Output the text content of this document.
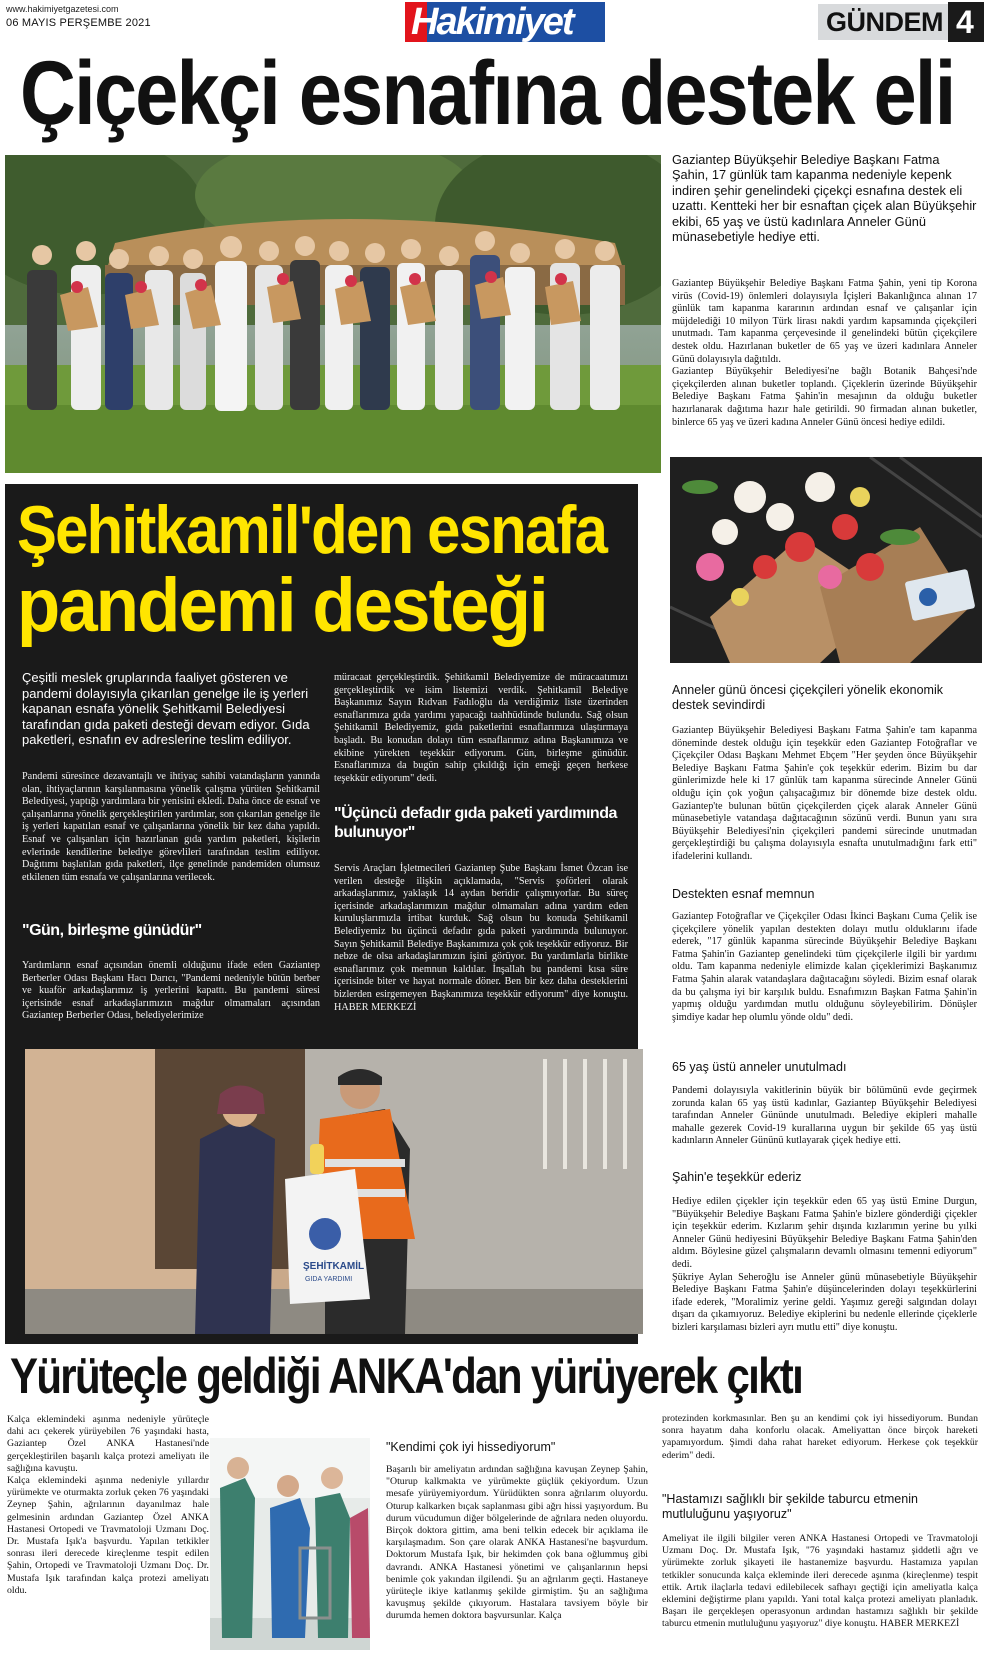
www.hakimiyetgazetesi.com
06 MAYIS PERŞEMBE 2021	Hakimiyet	GÜNDEM 4
Çiçekçi esnafına destek eli
Gaziantep Büyükşehir Belediye Başkanı Fatma Şahin, 17 günlük tam kapanma nedeniyle kepenk indiren şehir genelindeki çiçekçi esnafına destek eli uzattı. Kentteki her bir esnaftan çiçek alan Büyükşehir ekibi, 65 yaş ve üstü kadınlara Anneler Günü münasebetiyle hediye etti.
Gaziantep Büyükşehir Belediye Başkanı Fatma Şahin, yeni tip Korona virüs (Covid-19) önlemleri dolayısıyla İçişleri Bakanlığınca alınan 17 günlük tam kapanma kararının ardından esnaf ve çalışanlar için müjdelediği 10 milyon Türk lirası nakdi yardım kapsamında çiçekçileri unutmadı. Tam kapanma çerçevesinde il genelindeki bütün çiçekçilere destek oldu. Hazırlanan buketler de 65 yaş ve üzeri kadınlara Anneler Günü dolayısıyla dağıtıldı.
Gaziantep Büyükşehir Belediyesi'ne bağlı Botanik Bahçesi'nde çiçekçilerden alınan buketler toplandı. Çiçeklerin üzerinde Büyükşehir Belediye Başkanı Fatma Şahin'in mesajının da olduğu buketler hazırlanarak dağıtıma hazır hale getirildi. 90 firmadan alınan buketler, binlerce 65 yaş ve üzeri kadına Anneler Günü öncesi hediye edildi.
Anneler günü öncesi çiçekçileri yönelik ekonomik destek sevindirdi
Gaziantep Büyükşehir Belediyesi Başkanı Fatma Şahin'e tam kapanma döneminde destek olduğu için teşekkür eden Gaziantep Fotoğraflar ve Çiçekçiler Odası Başkanı Mehmet Ebçem "Her şeyden önce Büyükşehir Belediye Başkanı Fatma Şahin'e çok teşekkür ederim. Bizim bu dar günlerimizde hele ki 17 günlük tam kapanma sürecinde Anneler Günü olduğu için çok yoğun çalışacağımız bir dönemde bize destek oldu. Gaziantep'te bulunan bütün çiçekçilerden çiçek alarak Anneler Günü münasebetiyle vatandaşa dağıtacağının sözünü verdi. Bunun yanı sıra Büyükşehir Belediyesi'nin çiçekçileri pandemi sürecinde unutmadan gerçekleştirdiği bu çalışma dolayısıyla esnafta unutulmadığını fark etti" ifadelerini kullandı.
Destekten esnaf memnun
Gaziantep Fotoğraflar ve Çiçekçiler Odası İkinci Başkanı Cuma Çelik ise çiçekçilere yönelik yapılan destekten dolayı mutlu olduklarını ifade ederek, "17 günlük kapanma sürecinde Büyükşehir Belediye Başkanı Fatma Şahin'in Gaziantep genelindeki tüm çiçekçilerle ilgili bir yardımı oldu. Tam kapanma nedeniyle elimizde kalan çiçeklerimizi Başkanımız Fatma Şahin alarak vatandaşlara dağıtacağını söyledi. Bizim esnaf olarak da bu çalışma iyi bir karşılık buldu. Esnafımızın Başkan Fatma Şahin'in yapmış olduğu yardımdan mutlu olduğunu söyleyebilirim. Dönüşler şimdiye kadar hep olumlu yönde oldu" dedi.
65 yaş üstü anneler unutulmadı
Pandemi dolayısıyla vakitlerinin büyük bir bölümünü evde geçirmek zorunda kalan 65 yaş üstü kadınlar, Gaziantep Büyükşehir Belediyesi tarafından Anneler Gününde unutulmadı. Belediye ekipleri mahalle mahalle gezerek Covid-19 kurallarına uygun bir şekilde 65 yaş üstü kadınların Anneler Gününü kutlayarak çiçek hediye etti.
Şahin'e teşekkür ederiz
Hediye edilen çiçekler için teşekkür eden 65 yaş üstü Emine Durgun, "Büyükşehir Belediye Başkanı Fatma Şahin'e bizlere gönderdiği çiçekler için teşekkür ederim. Kızlarım şehir dışında kızlarımın yerine bu yılki Anneler Günü hediyesini Büyükşehir Belediye Başkanı Fatma Şahin'den aldım. Böylesine güzel çalışmaların devamlı olmasını temenni ediyorum" dedi.
Şükriye Aylan Seheroğlu ise Anneler günü münasebetiyle Büyükşehir Belediye Başkanı Fatma Şahin'e düşüncelerinden dolayı teşekkürlerini ifade ederek, "Moralimiz yerine geldi. Yaşımız gereği salgından dolayı dışarı da çıkamıyoruz. Belediye ekiplerini bu nedenle ellerinde çiçeklerle bizleri karşılaması bizleri ayrı mutlu etti" diye konuştu.
Şehitkamil'den esnafa
pandemi desteği
Çeşitli meslek gruplarında faaliyet gösteren ve pandemi dolayısıyla çıkarılan genelge ile iş yerleri kapanan esnafa yönelik Şehitkamil Belediyesi tarafından gıda paketi desteği devam ediyor. Gıda paketleri, esnafın ev adreslerine teslim ediliyor.
Pandemi süresince dezavantajlı ve ihtiyaç sahibi vatandaşların yanında olan, ihtiyaçlarının karşılanmasına yönelik çalışma yürüten Şehitkamil Belediyesi, yaptığı yardımlara bir yenisini ekledi. Daha önce de esnaf ve çalışanlarına yönelik gerçekleştirilen yardımlar, son çıkarılan genelge ile iş yerleri kapatılan esnaf ve çalışanlarına yönelik bir kez daha yapıldı. Esnaf ve çalışanları için hazırlanan gıda yardım paketleri, kişilerin evlerinde kendilerine belediye görevlileri tarafından teslim ediliyor. Dağıtımı başlatılan gıda paketleri, ilçe genelinde pandemiden olumsuz etkilenen tüm esnafa ve çalışanlarına verilecek.
"Gün, birleşme günüdür"
Yardımların esnaf açısından önemli olduğunu ifade eden Gaziantep Berberler Odası Başkanı Hacı Darıcı, "Pandemi nedeniyle bütün berber ve kuaför arkadaşlarımız iş yerlerini kapattı. Bu pandemi süresi içerisinde esnaf arkadaşlarımızın mağdur olmamaları açısından Gaziantep Berberler Odası, belediyelerimize
müracaat gerçekleştirdik. Şehitkamil Belediyemize de müracaatımızı gerçekleştirdik ve isim listemizi verdik. Şehitkamil Belediye Başkanımız Sayın Rıdvan Fadıloğlu da verdiğimiz liste üzerinden esnaflarımıza gıda yardımı yapacağı taahhüdünde bulundu. Sağ olsun Şehitkamil Belediyemiz, gıda paketlerini esnaflarımıza ulaştırmaya başladı. Bu konudan dolayı tüm esnaflarımız adına Başkanımıza ve ekibine yürekten teşekkür ediyorum. Gün, birleşme günüdür. Esnaflarımıza da bugün sahip çıkıldığı için emeği geçen herkese teşekkür ediyorum" dedi.
"Üçüncü defadır gıda paketi yardımında bulunuyor"
Servis Araçları İşletmecileri Gaziantep Şube Başkanı İsmet Özcan ise verilen desteğe ilişkin açıklamada, "Servis şoförleri olarak arkadaşlarımız, yaklaşık 14 aydan beridir çalışmıyorlar. Bu süreç içerisinde arkadaşlarımızın mağdur olmamaları adına yardım eden kuruluşlarımızla irtibat kurduk. Sağ olsun bu konuda Şehitkamil Belediyemiz bu üçüncü defadır gıda paketi yardımında bulunuyor. Sayın Şehitkamil Belediye Başkanımıza çok çok teşekkür ediyoruz. Bir nebze de olsa arkadaşlarımızın işini görüyor. Bu yardımlarla birlikte esnaflarımız çok memnun kaldılar. İnşallah bu pandemi kısa süre içerisinde biter ve hayat normale döner. Ben bir kez daha desteklerini bizlerden esirgemeyen Başkanımıza teşekkür ediyorum" diye konuştu. HABER MERKEZİ
ŞEHİTKAMİL
GIDA YARDIMI
Yürüteçle geldiği ANKA'dan yürüyerek çıktı
Kalça eklemindeki aşınma nedeniyle yürüteçle dahi acı çekerek yürüyebilen 76 yaşındaki hasta, Gaziantep Özel ANKA Hastanesi'nde gerçekleştirilen başarılı kalça protezi ameliyatı ile sağlığına kavuştu.
Kalça eklemindeki aşınma nedeniyle yıllardır yürümekte ve oturmakta zorluk çeken 76 yaşındaki Zeynep Şahin, ağrılarının dayanılmaz hale gelmesinin ardından Gaziantep Özel ANKA Hastanesi Ortopedi ve Travmatoloji Uzmanı Doç. Dr. Mustafa Işık'a başvurdu. Yapılan tetkikler sonrası ileri derecede kireçlenme tespit edilen Şahin, Ortopedi ve Travmatoloji Uzmanı Doç. Dr. Mustafa Işık tarafından kalça protezi ameliyatı oldu.
"Kendimi çok iyi hissediyorum"
Başarılı bir ameliyatın ardından sağlığına kavuşan Zeynep Şahin, "Oturup kalkmakta ve yürümekte güçlük çekiyordum. Uzun mesafe yürüyemiyordum. Yürüdükten sonra ağrılarım oluyordu. Oturup kalkarken bıçak saplanması gibi ağrı hissi yaşıyordum. Bu durum vücudumun diğer bölgelerinde de ağrılara neden oluyordu. Birçok doktora gittim, ama beni telkin edecek bir açıklama ile karşılaşmadım. Son çare olarak ANKA Hastanesi'ne başvurdum. Doktorum Mustafa Işık, bir hekimden çok bana oğlummuş gibi davrandı. ANKA Hastanesi yönetimi ve çalışanlarının hepsi benimle çok yakından ilgilendi. Şu an ağrılarım geçti. Hastaneye yürüteçle ikiye katlanmış şekilde girmiştim. Şu an sağlığıma kavuşmuş şekilde çıkıyorum. Hastalara tavsiyem böyle bir durumda hemen doktora başvursunlar. Kalça
protezinden korkmasınlar. Ben şu an kendimi çok iyi hissediyorum. Bundan sonra hayatım daha konforlu olacak. Ameliyattan önce birçok hareketi yapamıyordum. Şimdi daha rahat hareket ediyorum. Herkese çok teşekkür ederim" dedi.
"Hastamızı sağlıklı bir şekilde taburcu etmenin mutluluğunu yaşıyoruz"
Ameliyat ile ilgili bilgiler veren ANKA Hastanesi Ortopedi ve Travmatoloji Uzmanı Doç. Dr. Mustafa Işık, "76 yaşındaki hastamız şiddetli ağrı ve yürümekte zorluk şikayeti ile hastanemize başvurdu. Hastamıza yapılan tetkikler sonucunda kalça ekleminde ileri derecede aşınma (kireçlenme) tespit ettik. Artık ilaçlarla tedavi edilebilecek safhayı geçtiği için ameliyatla kalça eklemini değiştirme planı yapıldı. Yani total kalça protezi ameliyatı planladık. Başarı ile gerçekleşen operasyonun ardından hastamızı sağlıklı bir şekilde taburcu etmenin mutluluğunu yaşıyoruz" diye konuştu. HABER MERKEZİ
